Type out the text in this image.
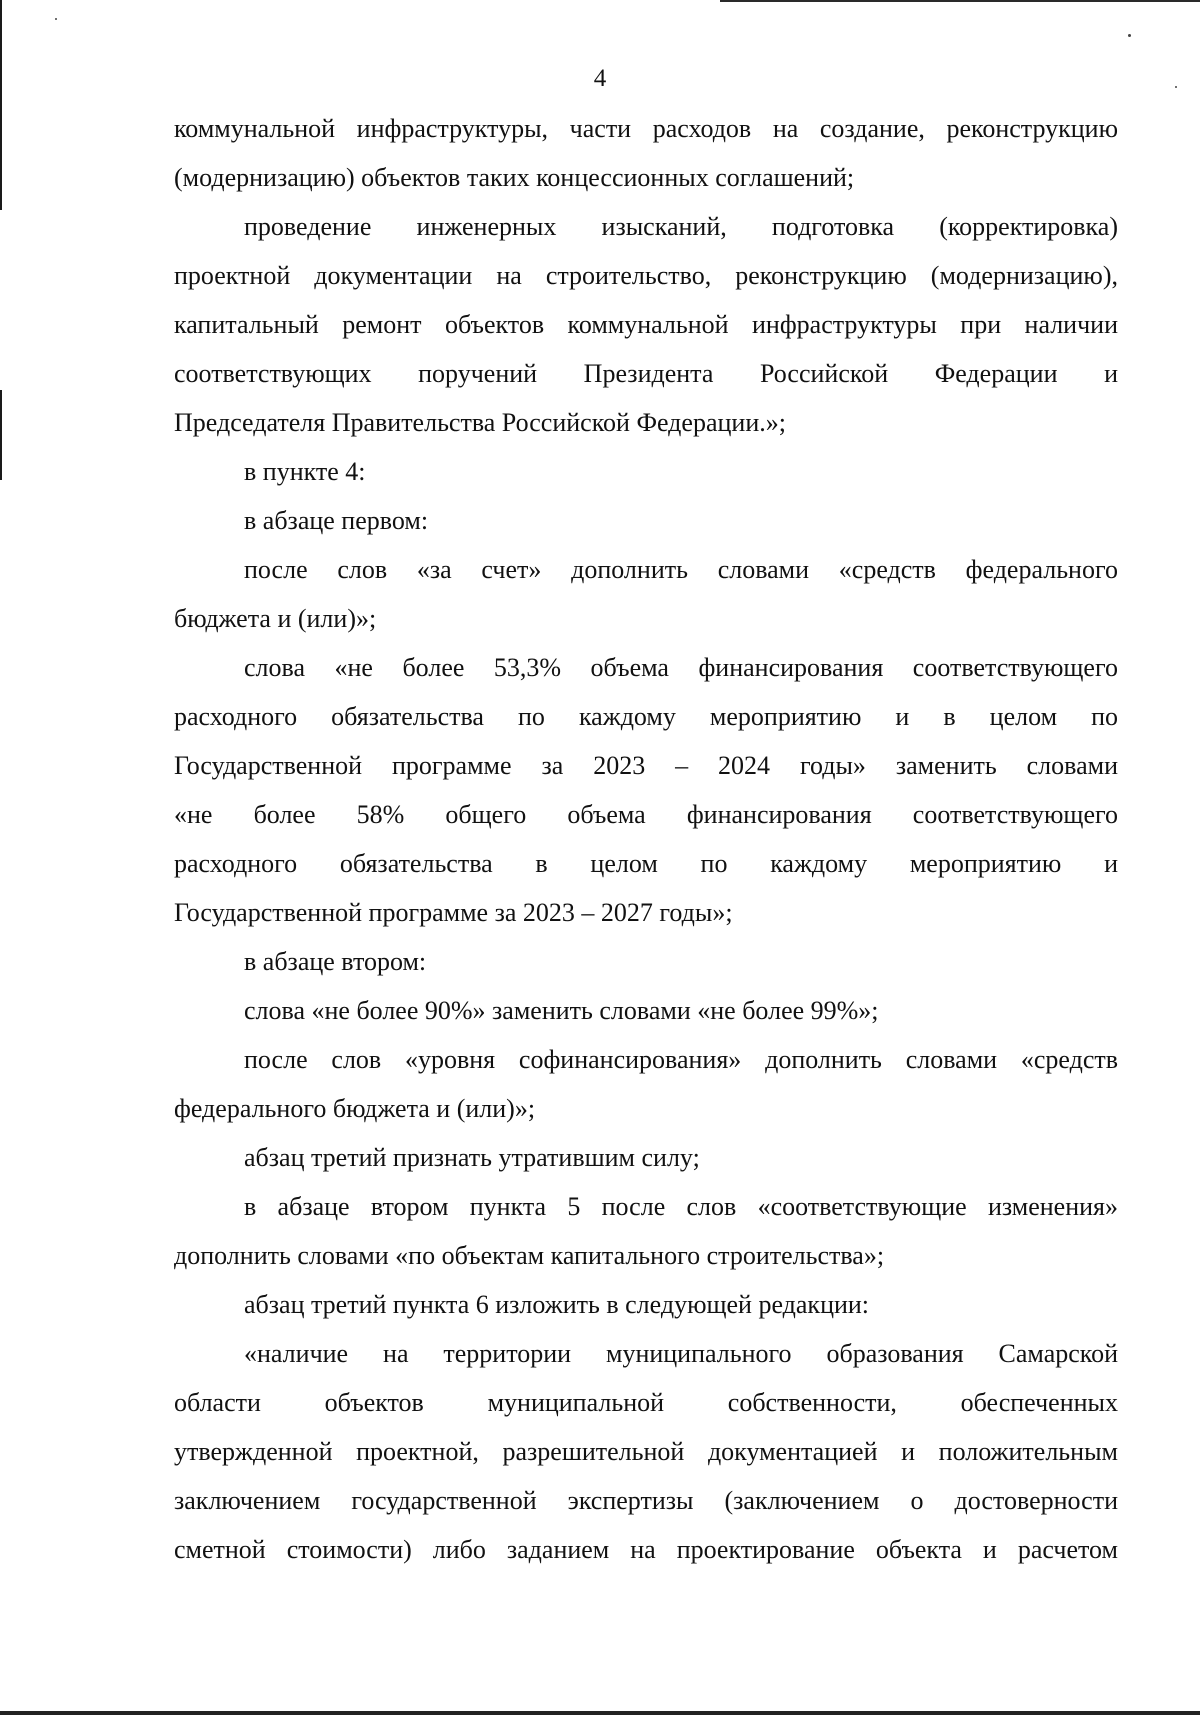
4
коммунальной инфраструктуры, части расходов на создание, реконструкцию
(модернизацию) объектов таких концессионных соглашений;
проведение инженерных изысканий, подготовка (корректировка)
проектной документации на строительство, реконструкцию (модернизацию),
капитальный ремонт объектов коммунальной инфраструктуры при наличии
соответствующих поручений Президента Российской Федерации и
Председателя Правительства Российской Федерации.»;
в пункте 4:
в абзаце первом:
после слов «за счет» дополнить словами «средств федерального
бюджета и (или)»;
слова «не более 53,3% объема финансирования соответствующего
расходного обязательства по каждому мероприятию и в целом по
Государственной программе за 2023 – 2024 годы» заменить словами
«не более 58% общего объема финансирования соответствующего
расходного обязательства в целом по каждому мероприятию и
Государственной программе за 2023 – 2027 годы»;
в абзаце втором:
слова «не более 90%» заменить словами «не более 99%»;
после слов «уровня софинансирования» дополнить словами «средств
федерального бюджета и (или)»;
абзац третий признать утратившим силу;
в абзаце втором пункта 5 после слов «соответствующие изменения»
дополнить словами «по объектам капитального строительства»;
абзац третий пункта 6 изложить в следующей редакции:
«наличие на территории муниципального образования Самарской
области объектов муниципальной собственности, обеспеченных
утвержденной проектной, разрешительной документацией и положительным
заключением государственной экспертизы (заключением о достоверности
сметной стоимости) либо заданием на проектирование объекта и расчетом
